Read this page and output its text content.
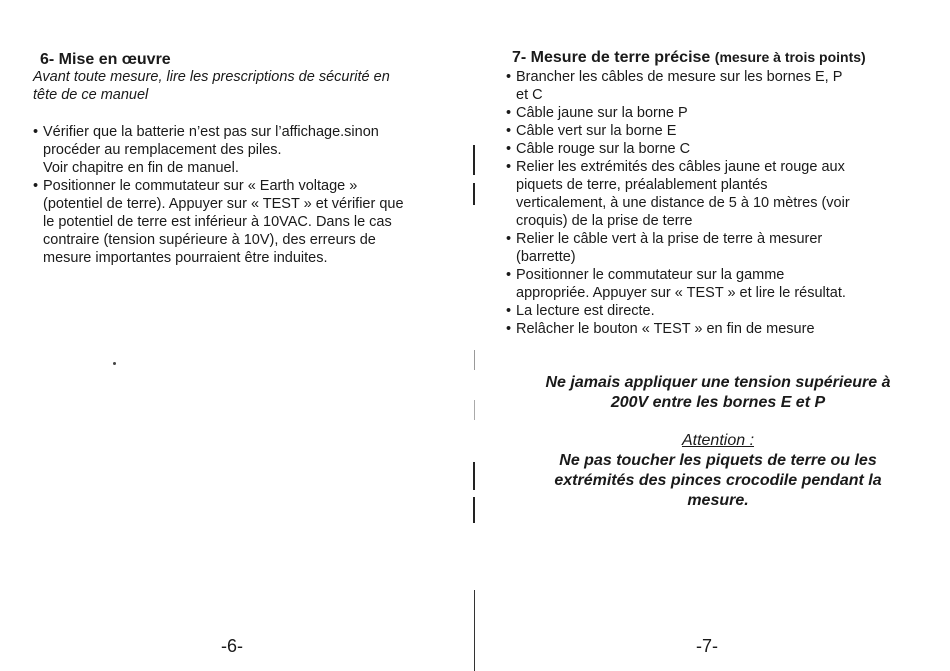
6- Mise en œuvre
Avant toute mesure, lire les prescriptions de sécurité en
tête de ce manuel
• Vérifier que la batterie n’est pas sur l’affichage.sinon
procéder au remplacement des piles.
Voir chapitre en fin de manuel.
• Positionner le commutateur sur « Earth voltage »
(potentiel de terre). Appuyer sur « TEST » et vérifier que
le potentiel de terre est inférieur à 10VAC. Dans le cas
contraire (tension supérieure à 10V), des erreurs de
mesure importantes pourraient être induites.
-6-
7- Mesure de terre précise (mesure à trois points)
• Brancher les câbles de mesure sur les bornes E, P
et C
• Câble jaune sur la borne P
• Câble vert sur la borne E
• Câble rouge sur la borne C
• Relier les extrémités des câbles jaune et rouge aux
piquets de terre, préalablement plantés
verticalement, à une distance de 5 à 10 mètres (voir
croquis) de la prise de terre
• Relier le câble vert à la prise de terre à mesurer
(barrette)
• Positionner le commutateur sur la gamme
appropriée. Appuyer sur « TEST » et lire le résultat.
• La lecture est directe.
• Relâcher le bouton « TEST » en fin de mesure
Ne jamais appliquer une tension supérieure à
200V entre les bornes E et P
Attention :
Ne pas toucher les piquets de terre ou les
extrémités des pinces crocodile pendant la
mesure.
-7-
